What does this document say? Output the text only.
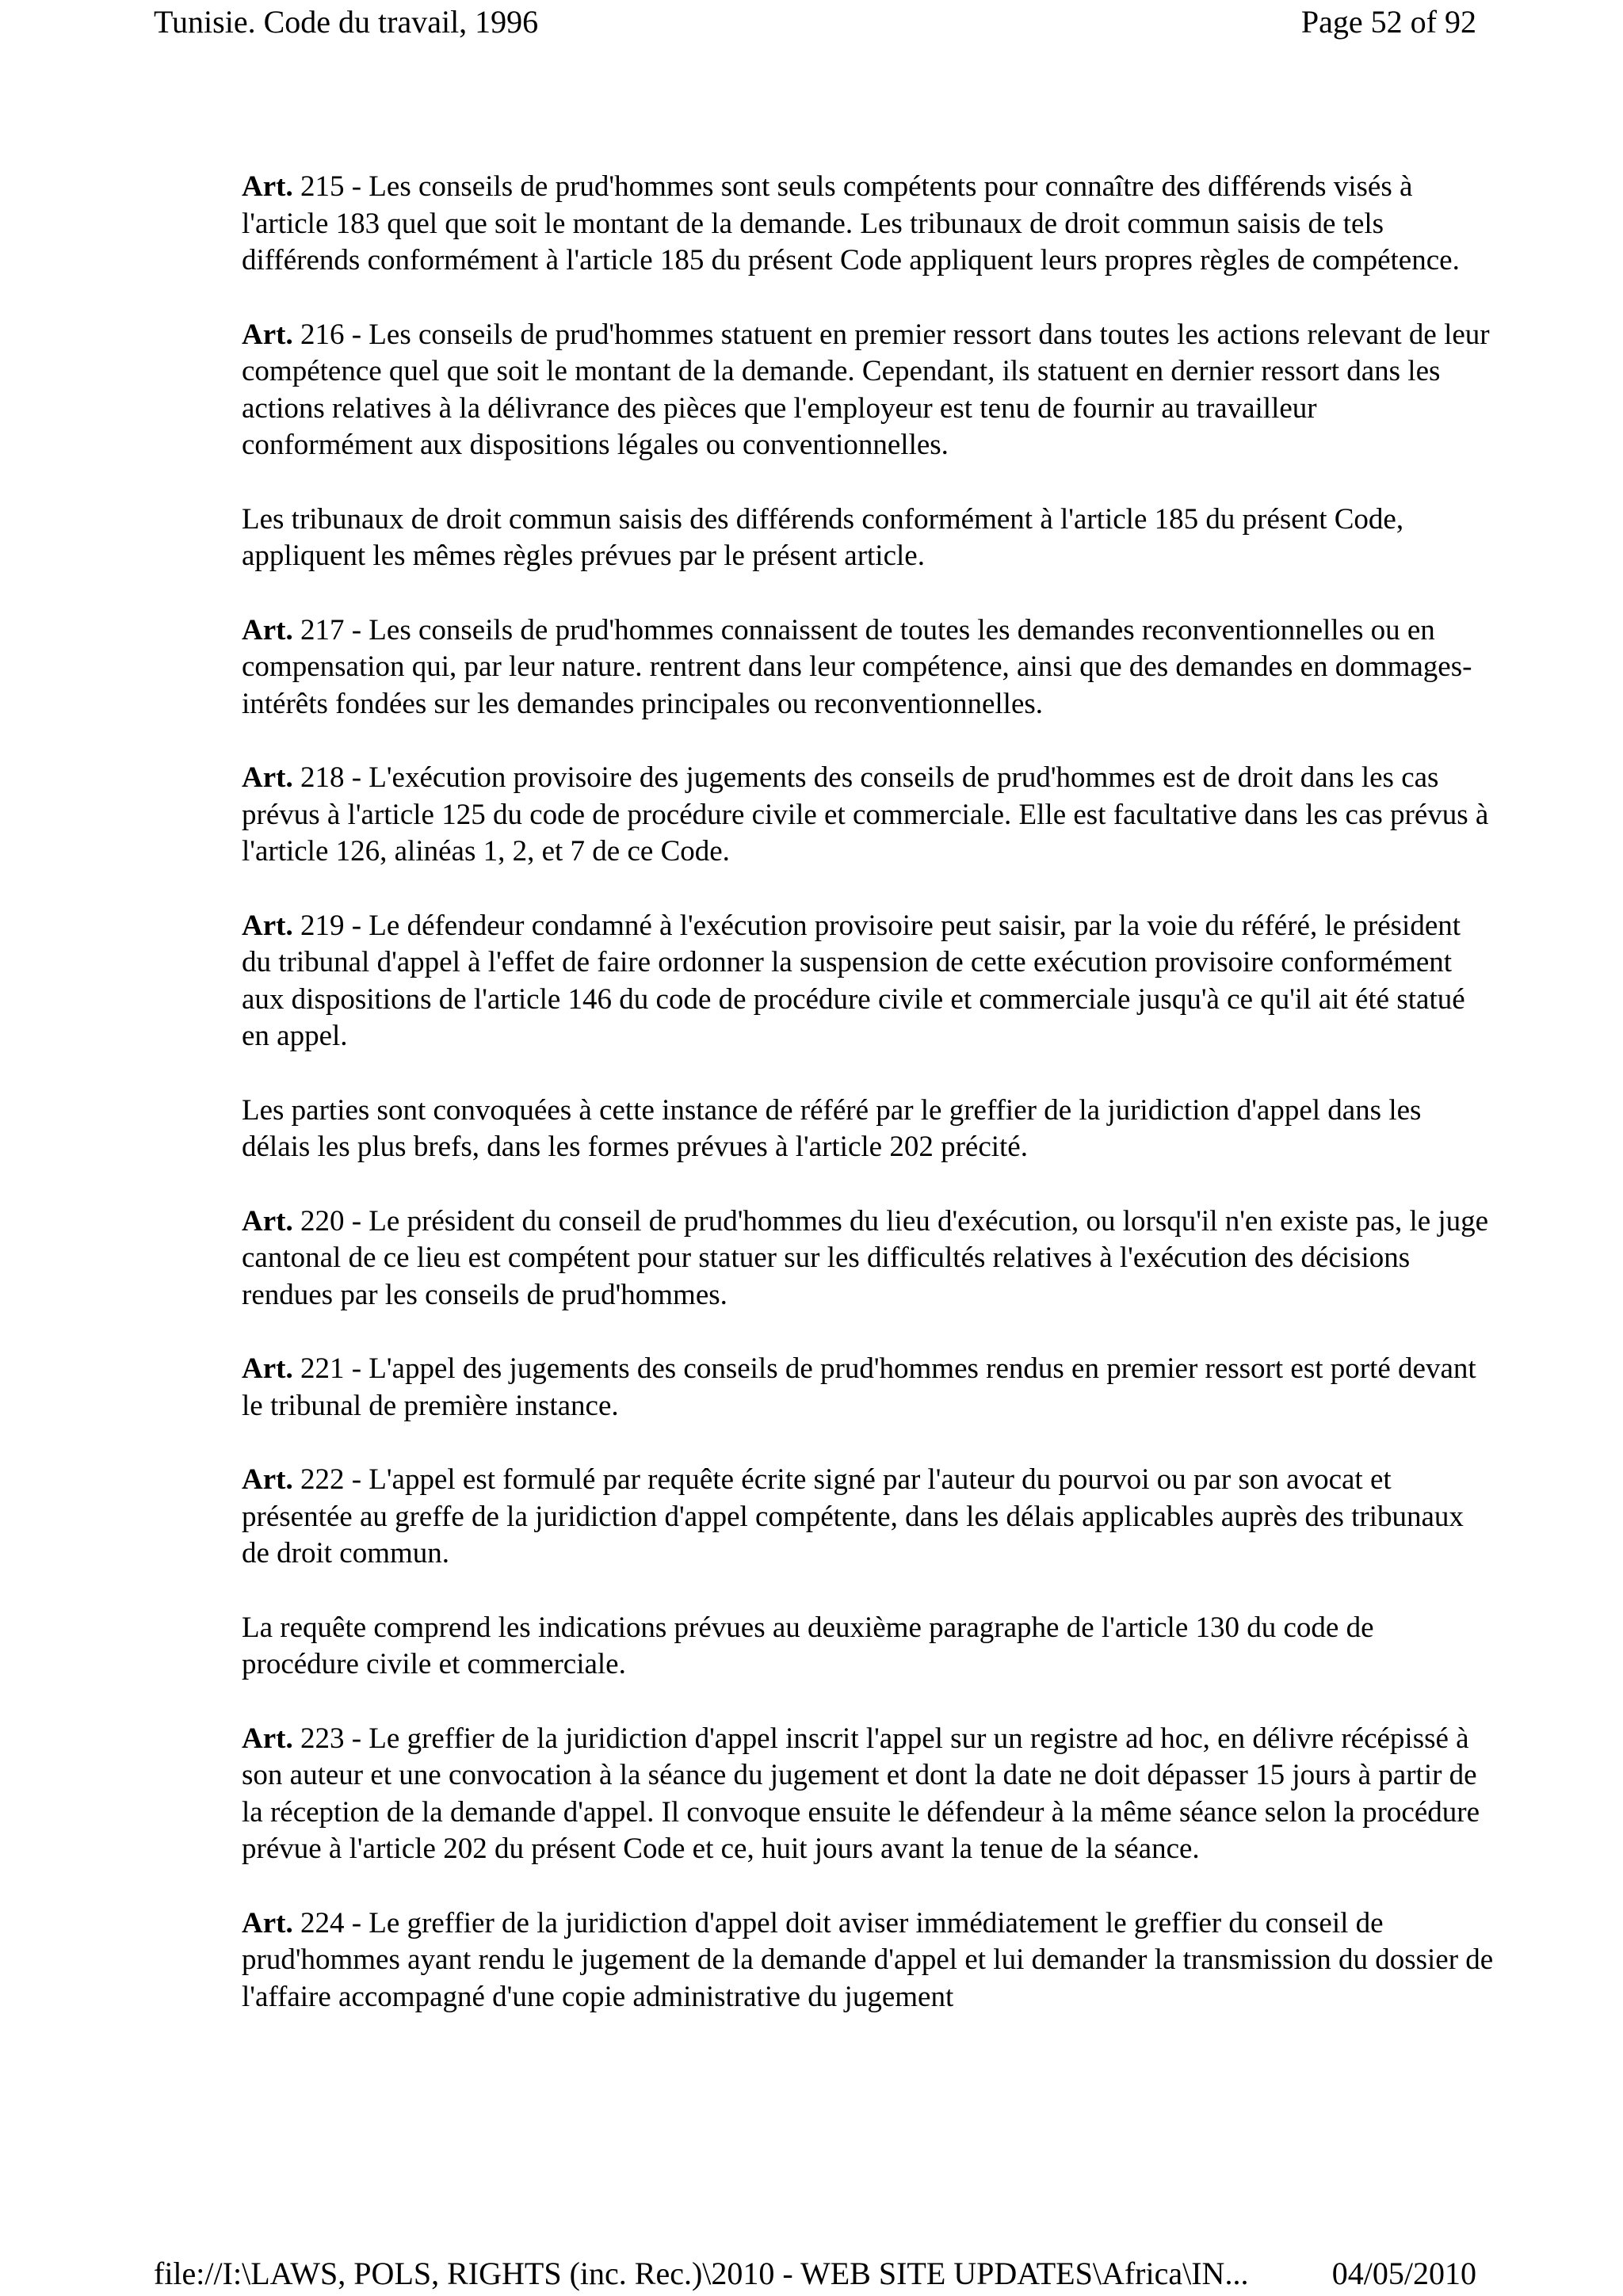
Tunisie. Code du travail, 1996	Page 52 of 92

Art. 215 - Les conseils de prud'hommes sont seuls compétents pour connaître des différends visés à l'article 183 quel que soit le montant de la demande. Les tribunaux de droit commun saisis de tels différends conformément à l'article 185 du présent Code appliquent leurs propres règles de compétence.

Art. 216 - Les conseils de prud'hommes statuent en premier ressort dans toutes les actions relevant de leur compétence quel que soit le montant de la demande. Cependant, ils statuent en dernier ressort dans les actions relatives à la délivrance des pièces que l'employeur est tenu de fournir au travailleur conformément aux dispositions légales ou conventionnelles.

Les tribunaux de droit commun saisis des différends conformément à l'article 185 du présent Code, appliquent les mêmes règles prévues par le présent article.

Art. 217 - Les conseils de prud'hommes connaissent de toutes les demandes reconventionnelles ou en compensation qui, par leur nature. rentrent dans leur compétence, ainsi que des demandes en dommages-intérêts fondées sur les demandes principales ou reconventionnelles.

Art. 218 - L'exécution provisoire des jugements des conseils de prud'hommes est de droit dans les cas prévus à l'article 125 du code de procédure civile et commerciale. Elle est facultative dans les cas prévus à l'article 126, alinéas 1, 2, et 7 de ce Code.

Art. 219 - Le défendeur condamné à l'exécution provisoire peut saisir, par la voie du référé, le président du tribunal d'appel à l'effet de faire ordonner la suspension de cette exécution provisoire conformément aux dispositions de l'article 146 du code de procédure civile et commerciale jusqu'à ce qu'il ait été statué en appel.

Les parties sont convoquées à cette instance de référé par le greffier de la juridiction d'appel dans les délais les plus brefs, dans les formes prévues à l'article 202 précité.

Art. 220 - Le président du conseil de prud'hommes du lieu d'exécution, ou lorsqu'il n'en existe pas, le juge cantonal de ce lieu est compétent pour statuer sur les difficultés relatives à l'exécution des décisions rendues par les conseils de prud'hommes.

Art. 221 - L'appel des jugements des conseils de prud'hommes rendus en premier ressort est porté devant le tribunal de première instance.

Art. 222 - L'appel est formulé par requête écrite signé par l'auteur du pourvoi ou par son avocat et présentée au greffe de la juridiction d'appel compétente, dans les délais applicables auprès des tribunaux de droit commun.

La requête comprend les indications prévues au deuxième paragraphe de l'article 130 du code de procédure civile et commerciale.

Art. 223 - Le greffier de la juridiction d'appel inscrit l'appel sur un registre ad hoc, en délivre récépissé à son auteur et une convocation à la séance du jugement et dont la date ne doit dépasser 15 jours à partir de la réception de la demande d'appel. Il convoque ensuite le défendeur à la même séance selon la procédure prévue à l'article 202 du présent Code et ce, huit jours avant la tenue de la séance.

Art. 224 - Le greffier de la juridiction d'appel doit aviser immédiatement le greffier du conseil de prud'hommes ayant rendu le jugement de la demande d'appel et lui demander la transmission du dossier de l'affaire accompagné d'une copie administrative du jugement

file://I:\LAWS, POLS, RIGHTS (inc. Rec.)\2010 - WEB SITE UPDATES\Africa\IN...	04/05/2010
